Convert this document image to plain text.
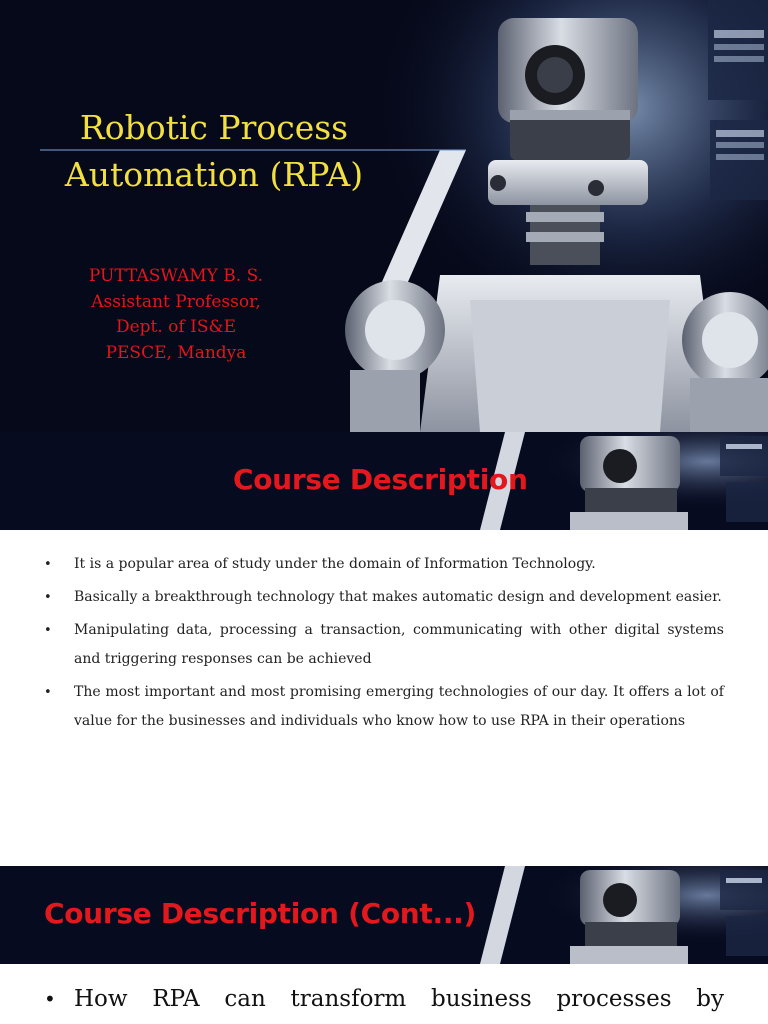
Robotic Process
Automation (RPA)
PUTTASWAMY B. S.
Assistant Professor,
Dept. of IS&E
PESCE, Mandya
Course Description
• It is a popular area of study under the domain of Information Technology.
• Basically a breakthrough technology that makes automatic design and development easier.
• Manipulating data, processing a transaction, communicating with other digital systems and triggering responses can be achieved
• The most important and most promising emerging technologies of our day. It offers a lot of value for the businesses and individuals who know how to use RPA in their operations
Course Description (Cont...)
• How RPA can transform business processes by
